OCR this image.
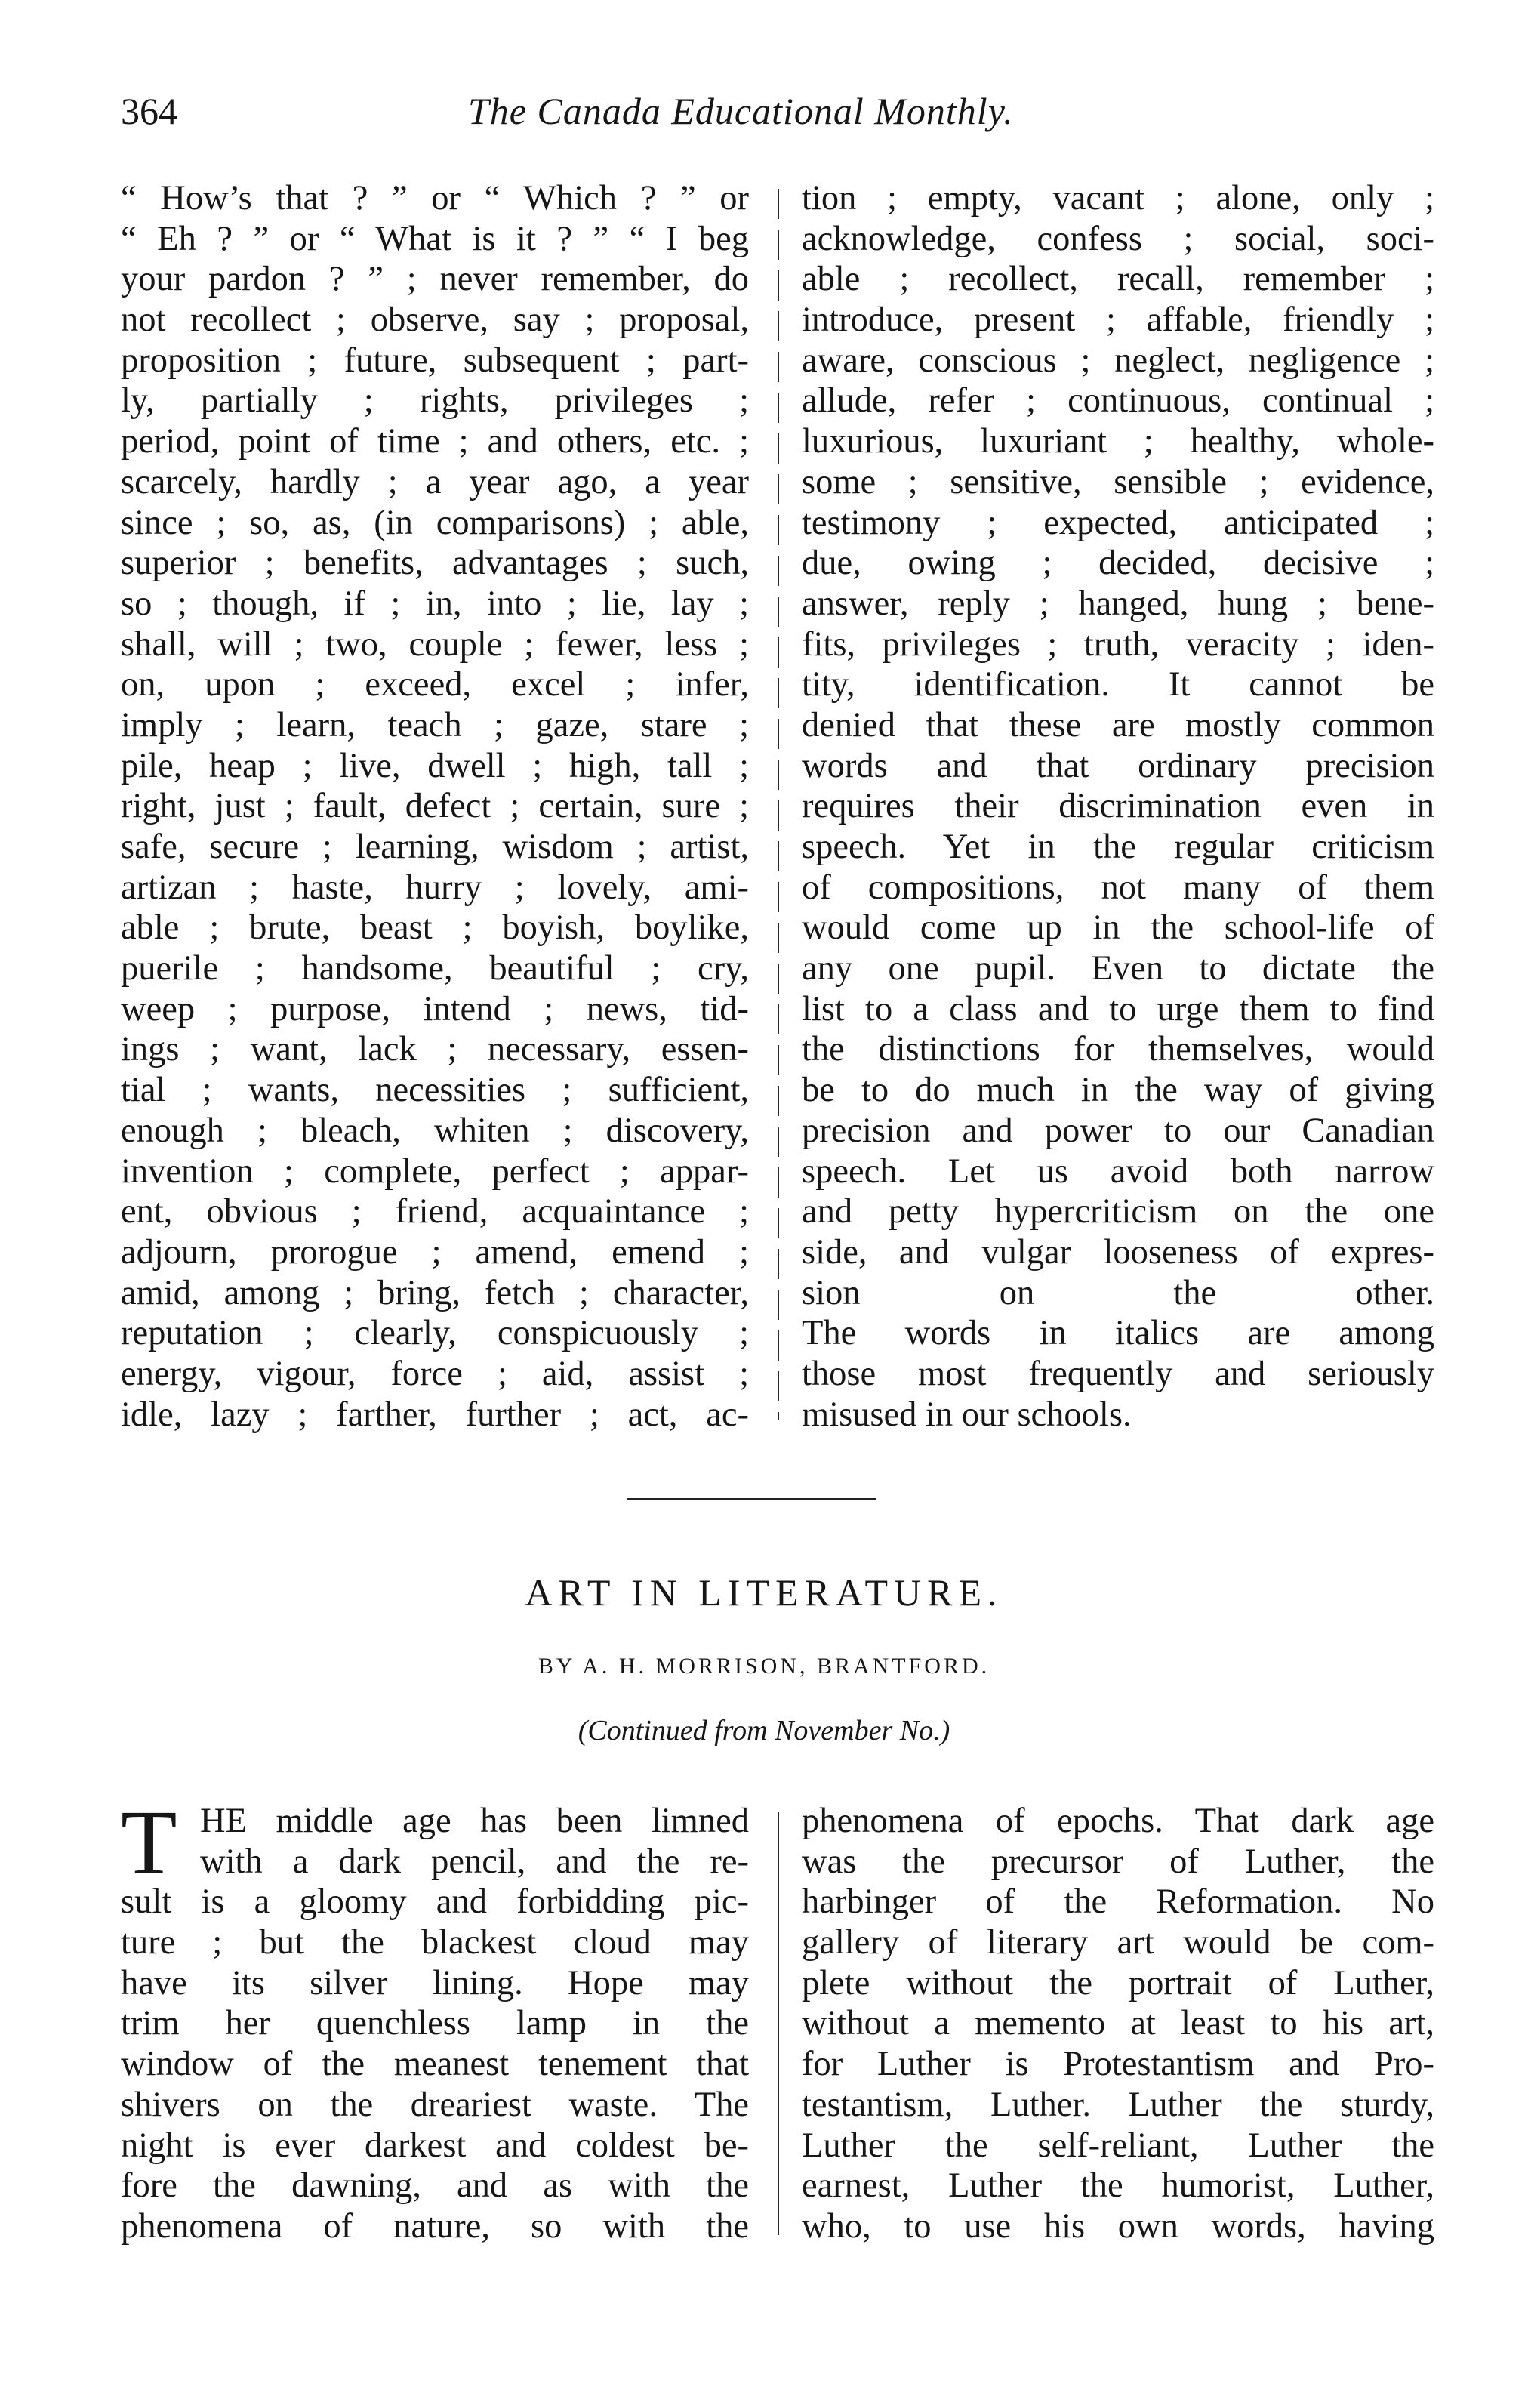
364	The Canada Educational Monthly.
“ How’s that ? ” or “ Which ? ” or
“ Eh ? ” or “ What is it ? ” “ I beg
your pardon ? ” ; never remember, do
not recollect ; observe, say ; proposal,
proposition ; future, subsequent ; part-
ly, partially ; rights, privileges ;
period, point of time ; and others, etc. ;
scarcely, hardly ; a year ago, a year
since ; so, as, (in comparisons) ; able,
superior ; benefits, advantages ; such,
so ; though, if ; in, into ; lie, lay ;
shall, will ; two, couple ; fewer, less ;
on, upon ; exceed, excel ; infer,
imply ; learn, teach ; gaze, stare ;
pile, heap ; live, dwell ; high, tall ;
right, just ; fault, defect ; certain, sure ;
safe, secure ; learning, wisdom ; artist,
artizan ; haste, hurry ; lovely, ami-
able ; brute, beast ; boyish, boylike,
puerile ; handsome, beautiful ; cry,
weep ; purpose, intend ; news, tid-
ings ; want, lack ; necessary, essen-
tial ; wants, necessities ; sufficient,
enough ; bleach, whiten ; discovery,
invention ; complete, perfect ; appar-
ent, obvious ; friend, acquaintance ;
adjourn, prorogue ; amend, emend ;
amid, among ; bring, fetch ; character,
reputation ; clearly, conspicuously ;
energy, vigour, force ; aid, assist ;
idle, lazy ; farther, further ; act, ac-
tion ; empty, vacant ; alone, only ;
acknowledge, confess ; social, soci-
able ; recollect, recall, remember ;
introduce, present ; affable, friendly ;
aware, conscious ; neglect, negligence ;
allude, refer ; continuous, continual ;
luxurious, luxuriant ; healthy, whole-
some ; sensitive, sensible ; evidence,
testimony ; expected, anticipated ;
due, owing ; decided, decisive ;
answer, reply ; hanged, hung ; bene-
fits, privileges ; truth, veracity ; iden-
tity, identification. It cannot be
denied that these are mostly common
words and that ordinary precision
requires their discrimination even in
speech. Yet in the regular criticism
of compositions, not many of them
would come up in the school-life of
any one pupil. Even to dictate the
list to a class and to urge them to find
the distinctions for themselves, would
be to do much in the way of giving
precision and power to our Canadian
speech. Let us avoid both narrow
and petty hypercriticism on the one
side, and vulgar looseness of expres-
sion on the other.
The words in italics are among
those most frequently and seriously
misused in our schools.
ART IN LITERATURE.
BY A. H. MORRISON, BRANTFORD.
(Continued from November No.)
T HE middle age has been limned
with a dark pencil, and the re-
sult is a gloomy and forbidding pic-
ture ; but the blackest cloud may
have its silver lining. Hope may
trim her quenchless lamp in the
window of the meanest tenement that
shivers on the dreariest waste. The
night is ever darkest and coldest be-
fore the dawning, and as with the
phenomena of nature, so with the
phenomena of epochs. That dark age
was the precursor of Luther, the
harbinger of the Reformation. No
gallery of literary art would be com-
plete without the portrait of Luther,
without a memento at least to his art,
for Luther is Protestantism and Pro-
testantism, Luther. Luther the sturdy,
Luther the self-reliant, Luther the
earnest, Luther the humorist, Luther,
who, to use his own words, having
